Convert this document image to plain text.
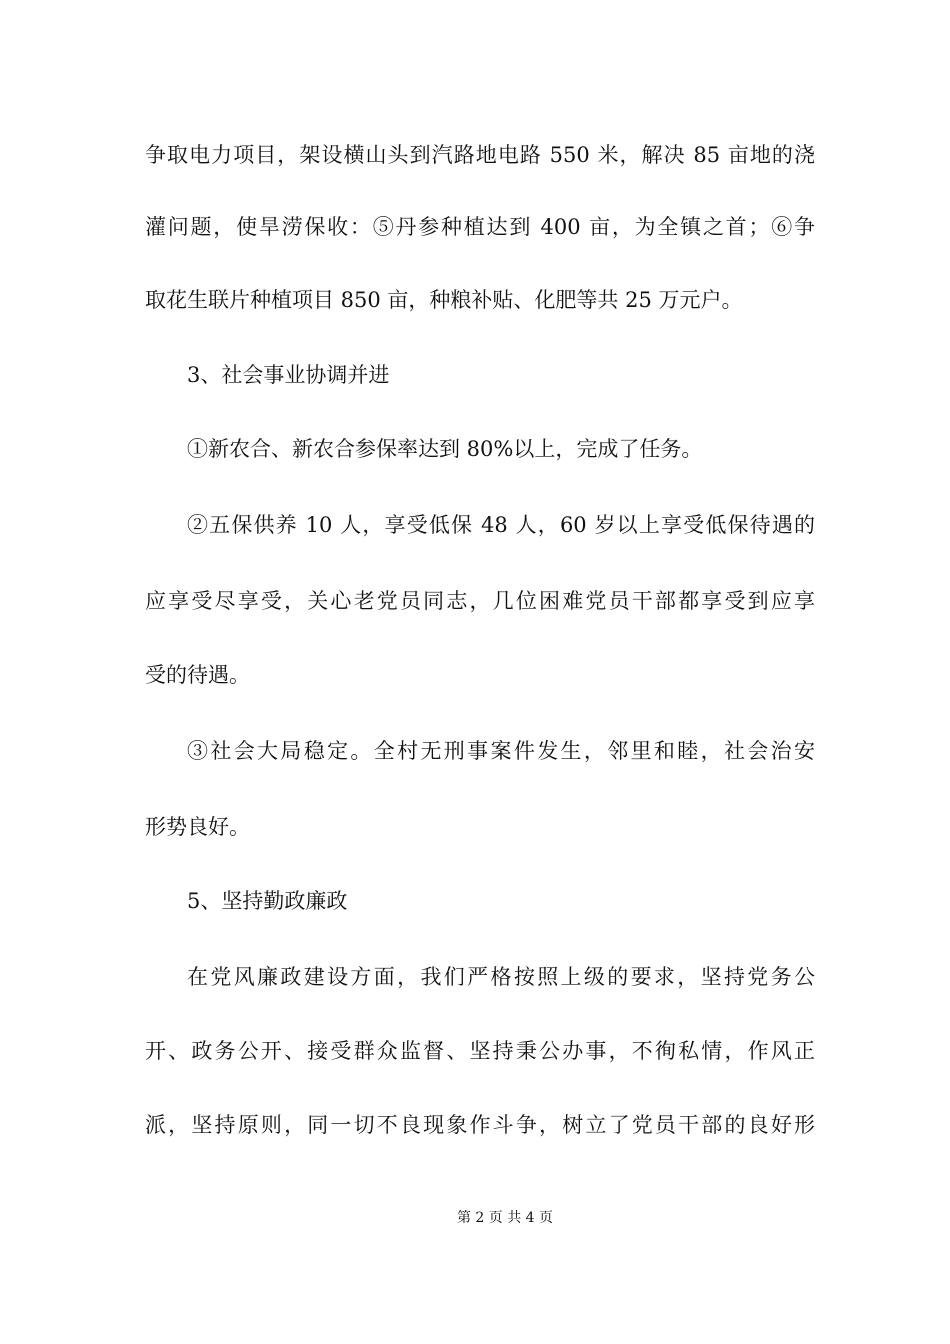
争取电力项目，架设横山头到汽路地电路 550 米，解决 85 亩地的浇

灌问题，使旱涝保收：⑤丹参种植达到 400 亩，为全镇之首；⑥争

取花生联片种植项目 850 亩，种粮补贴、化肥等共 25 万元户。

3、社会事业协调并进

①新农合、新农合参保率达到 80%以上，完成了任务。

②五保供养 10 人，享受低保 48 人，60 岁以上享受低保待遇的

应享受尽享受，关心老党员同志，几位困难党员干部都享受到应享

受的待遇。

③社会大局稳定。全村无刑事案件发生，邻里和睦，社会治安

形势良好。

5、坚持勤政廉政

在党风廉政建设方面，我们严格按照上级的要求，坚持党务公

开、政务公开、接受群众监督、坚持秉公办事，不徇私情，作风正

派，坚持原则，同一切不良现象作斗争，树立了党员干部的良好形

第 2 页 共 4 页
